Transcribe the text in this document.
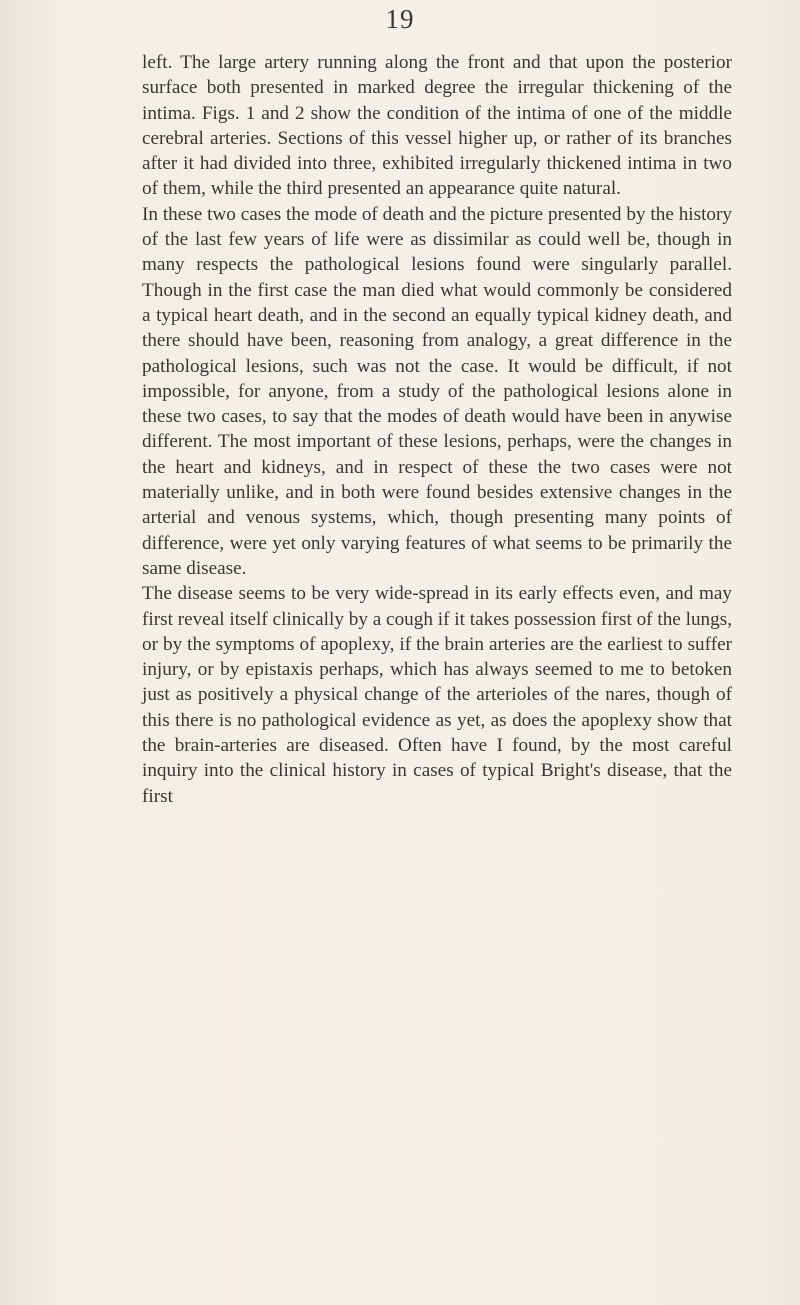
19

left. The large artery running along the front and that upon the posterior surface both presented in marked degree the irregular thickening of the intima. Figs. 1 and 2 show the condition of the intima of one of the middle cerebral arteries. Sections of this vessel higher up, or rather of its branches after it had divided into three, exhibited irregularly thickened intima in two of them, while the third presented an appearance quite natural.

In these two cases the mode of death and the picture presented by the history of the last few years of life were as dissimilar as could well be, though in many respects the pathological lesions found were singularly parallel. Though in the first case the man died what would commonly be considered a typical heart death, and in the second an equally typical kidney death, and there should have been, reasoning from analogy, a great difference in the pathological lesions, such was not the case. It would be difficult, if not impossible, for anyone, from a study of the pathological lesions alone in these two cases, to say that the modes of death would have been in anywise different. The most important of these lesions, perhaps, were the changes in the heart and kidneys, and in respect of these the two cases were not materially unlike, and in both were found besides extensive changes in the arterial and venous systems, which, though presenting many points of difference, were yet only varying features of what seems to be primarily the same disease.

The disease seems to be very wide-spread in its early effects even, and may first reveal itself clinically by a cough if it takes possession first of the lungs, or by the symptoms of apoplexy, if the brain arteries are the earliest to suffer injury, or by epistaxis perhaps, which has always seemed to me to betoken just as positively a physical change of the arterioles of the nares, though of this there is no pathological evidence as yet, as does the apoplexy show that the brain-arteries are diseased. Often have I found, by the most careful inquiry into the clinical history in cases of typical Bright's disease, that the first
